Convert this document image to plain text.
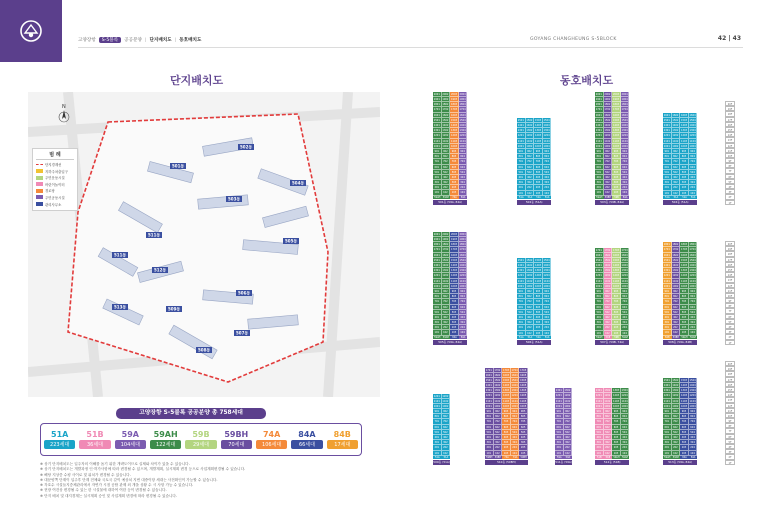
고양장항	S-5블록	공공분양 | 단지배치도 | 동호배치도	GOYANG CHANGHEUNG S-5BLOCK	42 | 43
단지배치도	동호배치도
502동
501동
504동
503동
511동
505동
511동
512동
506동
507동
513동
508동
509동
N
범 례
단지경계선
지하주차출입구
주민운동시설
어린이놀이터
경로당
주민공동시설
관리사무소
고양장항 S-5블록 공공분양 총 758세대
51A
223세대
51B
36세대
59A
104세대
59AH
122세대
59B
29세대
59BH
70세대
74A
106세대
84A
66세대
84B
17세대
※ 상기 단지배치도는 입주자의 이해를 돕기 위한 개략도이므로 실제와 차이가 있을 수 있습니다.
※ 상기 단지배치도는 개발과정 인·허가사항에 따라 변경될 수 있으며, 개발계획, 실시계획 변경 등으로 사업계획변경될 수 있습니다.
※ 해당 지상층 수평 사이로 및 위치가 변경될 수 있습니다.
※ 대문양쪽 단계이 입주후 단계 전체와 국토국 같이 예상치 지번 대중이항 세대는 사전확인이 가능할 수 있습니다.
※ 각호수 시설들지층체관리에서 자연가 시점 공합 관제 외 개을 상황 수 시 사항 가능 수 있습니다.
※ 현장 여건상 변경될 수 있는 한 시설물에 대하여 여한 등이 변경될 수 있습니다.
※ 단지 배치 및 대지경계는 실시계획 승인 및 사업계획 변경에 따라 변경될 수 있습니다.
1F
2F
3F
4F
5F
6F
7F
8F
9F
10F
11F
12F
13F
14F
15F
16F
17F
18F
19F
20F
1F
2F
3F
4F
5F
6F
7F
8F
9F
10F
11F
12F
13F
14F
15F
16F
17F
18F
19F
20F
1F
2F
3F
4F
5F
6F
7F
8F
9F
10F
11F
12F
13F
14F
15F
16F
17F
18F
19F
20F
101	102	103	104
201	202	203	204
301	302	303	304
401	402	403	404
501	502	503	504
601	602	603	604
701	702	703	704
801	802	803	804
901	902	903	904
1001	1002	1003	1004
1101	1102	1103	1104
1201	1202	1203	1204
1301	1302	1303	1304
1401	1402	1403	1404
1501	1502	1503	1504
1601	1602	1603	1604
1701	1702	1703	1704
1801	1802	1803	1804
1901	1902	1903	1904
2001	2002	2003	2004
59AH	59AH	74A	84A
501동 (59A, 84A)
101	102	103	104
201	202	203	204
301	302	303	304
401	402	403	404
501	502	503	504
601	602	603	604
701	702	703	704
801	802	803	804
901	902	903	904
1001	1002	1003	1004
1101	1102	1103	1104
1201	1202	1203	1204
1301	1302	1303	1304
1401	1402	1403	1404
1501	1502	1503	1504
51A	51A	51A	51A
502동 (51A)
101	102	103	104
201	202	203	204
301	302	303	304
401	402	403	404
501	502	503	504
601	602	603	604
701	702	703	704
801	802	803	804
901	902	903	904
1001	1002	1003	1004
1101	1102	1103	1104
1201	1202	1203	1204
1301	1302	1303	1304
1401	1402	1403	1404
1501	1502	1503	1504
1601	1602	1603	1604
1701	1702	1703	1704
1801	1802	1803	1804
1901	1902	1903	1904
2001	2002	2003	2004
59AH	59BH	59B	84A
503동 (59B, 84A)
101	102	103	104
201	202	203	204
301	302	303	304
401	402	403	404
501	502	503	504
601	602	603	604
701	702	703	704
801	802	803	804
901	902	903	904
1001	1002	1003	1004
1101	1102	1103	1104
1201	1202	1203	1204
1301	1302	1303	1304
1401	1402	1403	1404
1501	1502	1503	1504
1601	1602	1603	1604
51A	51A	51A	51A
504동 (51A)
101	102	103	104
201	202	203	204
301	302	303	304
401	402	403	404
501	502	503	504
601	602	603	604
701	702	703	704
801	802	803	804
901	902	903	904
1001	1002	1003	1004
1101	1102	1103	1104
1201	1202	1203	1204
1301	1302	1303	1304
1401	1402	1403	1404
1501	1502	1503	1504
1601	1602	1603	1604
1701	1702	1703	1704
1801	1802	1803	1804
1901	1902	1903	1904
2001	2002	2003	2004
59AH	59AH	84A	84A
505동 (59A, 84A)
101	102	103	104
201	202	203	204
301	302	303	304
401	402	403	404
501	502	503	504
601	602	603	604
701	702	703	704
801	802	803	804
901	902	903	904
1001	1002	1003	1004
1101	1102	1103	1104
1201	1202	1203	1204
1301	1302	1303	1304
1401	1402	1403	1404
1501	1502	1503	1504
51A	51A	51A	51A
506동 (51A)
101	102	103	104
201	202	203	204
301	302	303	304
401	402	403	404
501	502	503	504
601	602	603	604
701	702	703	704
801	802	803	804
901	902	903	904
1001	1002	1003	1004
1101	1102	1103	1104
1201	1202	1203	1204
1301	1302	1303	1304
1401	1402	1403	1404
1501	1502	1503	1504
1601	1602	1603	1604
1701	1702	1703	1704
59AH	51B	59B	59AH
507동 (59B, 74A)
101	102	103	104
201	202	203	204
301	302	303	304
401	402	403	404
501	502	503	504
601	602	603	604
701	702	703	704
801	802	803	804
901	902	903	904
1001	1002	1003	1004
1101	1102	1103	1104
1201	1202	1203	1204
1301	1302	1303	1304
1401	1402	1403	1404
1501	1502	1503	1504
1601	1602	1603	1604
1701	1702	1703	1704
1801	1802	1803	1804
84B	59BH	59AH	59AH
508동 (59A, 84B)
101	102
201	202
301	302
401	402
501	502
601	602
701	702
801	802
901	902
1001	1002
1101	1102
1201	1202
51A	51A
509동 (51A)
101	102	103	104	105
201	202	203	204	205
301	302	303	304	305
401	402	403	404	405
501	502	503	504	505
601	602	603	604	605
701	702	703	704	705
801	802	803	804	805
901	902	903	904	905
1001	1002	1003	1004	1005
1101	1102	1103	1104	1105
1201	1202	1203	1204	1205
1301	1302	1303	1304	1305
1401	1402	1403	1404	1405
1501	1502	1503	1504	1505
1601	1602	1603	1604	1605
1701	1702	1703	1704	1705
59BH	59BH	74A	74A	59BH
510동 (59BH)
101	102
201	202
301	302
401	402
501	502
601	602
701	702
801	802
901	902
1001	1002
1101	1102
1201	1202
1301	1302
59A	59A
511동 (59A)
101	102	103	104
201	202	203	204
301	302	303	304
401	402	403	404
501	502	503	504
601	602	603	604
701	702	703	704
801	802	803	804
901	902	903	904
1001	1002	1003	1004
1101	1102	1103	1104
1201	1202	1203	1204
1301	1302	1303	1304
51B	51B	59AH	59AH
512동 (51B)
101	102	103	104
201	202	203	204
301	302	303	304
401	402	403	404
501	502	503	504
601	602	603	604
701	702	703	704
801	802	803	804
901	902	903	904
1001	1002	1003	1004
1101	1102	1103	1104
1201	1202	1203	1204
1301	1302	1303	1304
1401	1402	1403	1404
1501	1502	1503	1504
59AH	59AH	84A	84A
513동 (59A, 84A)
